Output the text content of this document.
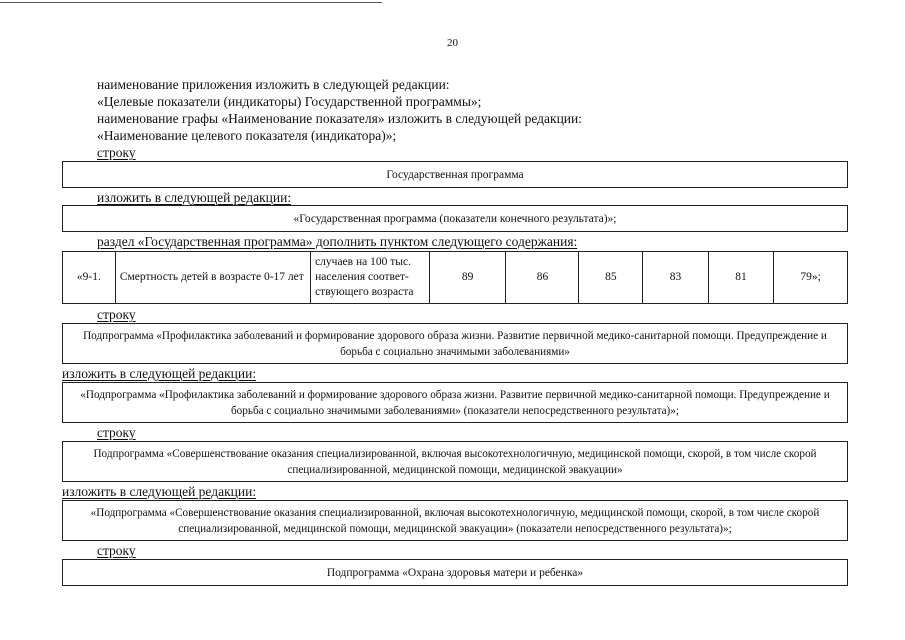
20
наименование приложения изложить в следующей редакции:
«Целевые показатели (индикаторы) Государственной программы»;
наименование графы «Наименование показателя» изложить в следующей редакции:
«Наименование целевого показателя (индикатора)»;
строку
Государственная программа
изложить в следующей редакции:
«Государственная программа (показатели конечного результата)»;
раздел «Государственная программа» дополнить пунктом следующего содержания:
«9-1.	Смертность детей в возрасте 0-17 лет	случаев на 100 тыс. населения соответ-ствующего возраста	89	86	85	83	81	79»;
строку
Подпрограмма «Профилактика заболеваний и формирование здорового образа жизни. Развитие первичной медико-санитарной помощи. Предупреждение и борьба с социально значимыми заболеваниями»
изложить в следующей редакции:
«Подпрограмма «Профилактика заболеваний и формирование здорового образа жизни. Развитие первичной медико-санитарной помощи. Предупреждение и борьба с социально значимыми заболеваниями» (показатели непосредственного результата)»;
строку
Подпрограмма «Совершенствование оказания специализированной, включая высокотехнологичную, медицинской помощи, скорой, в том числе скорой специализированной, медицинской помощи, медицинской эвакуации»
изложить в следующей редакции:
«Подпрограмма «Совершенствование оказания специализированной, включая высокотехнологичную, медицинской помощи, скорой, в том числе скорой специализированной, медицинской помощи, медицинской эвакуации» (показатели непосредственного результата)»;
строку
Подпрограмма «Охрана здоровья матери и ребенка»
